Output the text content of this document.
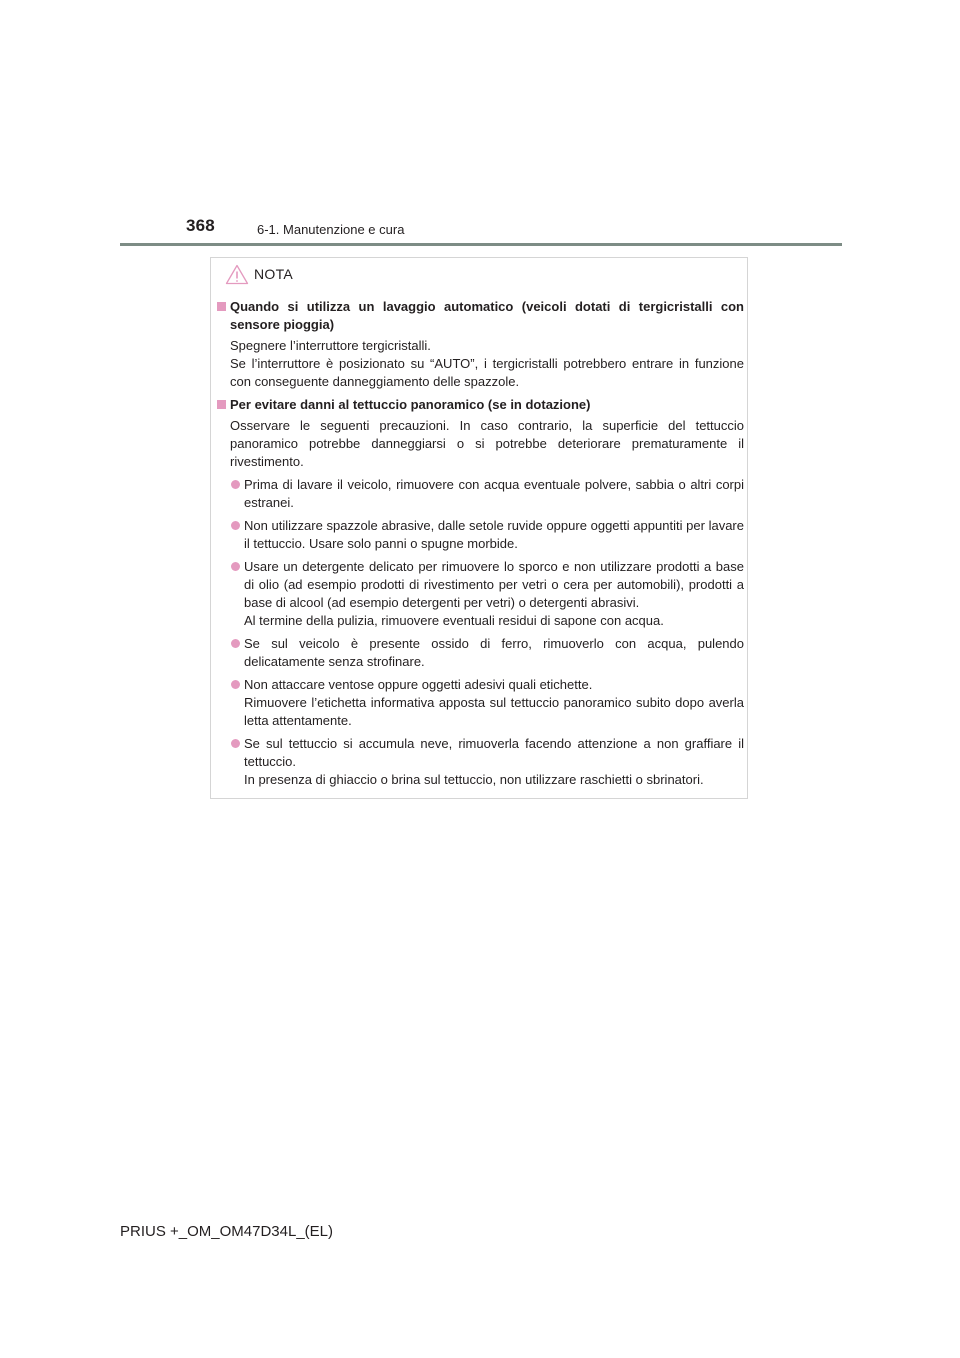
368	6-1. Manutenzione e cura
NOTA
Quando si utilizza un lavaggio automatico (veicoli dotati di tergicristalli con sensore pioggia)

Spegnere l’interruttore tergicristalli.

Se l’interruttore è posizionato su “AUTO”, i tergicristalli potrebbero entrare in funzione con conseguente danneggiamento delle spazzole.

Per evitare danni al tettuccio panoramico (se in dotazione)

Osservare le seguenti precauzioni. In caso contrario, la superficie del tettuccio panoramico potrebbe danneggiarsi o si potrebbe deteriorare prematuramente il rivestimento.

Prima di lavare il veicolo, rimuovere con acqua eventuale polvere, sabbia o altri corpi estranei.

Non utilizzare spazzole abrasive, dalle setole ruvide oppure oggetti appuntiti per lavare il tettuccio. Usare solo panni o spugne morbide.

Usare un detergente delicato per rimuovere lo sporco e non utilizzare prodotti a base di olio (ad esempio prodotti di rivestimento per vetri o cera per automobili), prodotti a base di alcool (ad esempio detergenti per vetri) o detergenti abrasivi.

Al termine della pulizia, rimuovere eventuali residui di sapone con acqua.

Se sul veicolo è presente ossido di ferro, rimuoverlo con acqua, pulendo delicatamente senza strofinare.

Non attaccare ventose oppure oggetti adesivi quali etichette.

Rimuovere l’etichetta informativa apposta sul tettuccio panoramico subito dopo averla letta attentamente.

Se sul tettuccio si accumula neve, rimuoverla facendo attenzione a non graffiare il tettuccio.

In presenza di ghiaccio o brina sul tettuccio, non utilizzare raschietti o sbrinatori.

PRIUS +_OM_OM47D34L_(EL)
